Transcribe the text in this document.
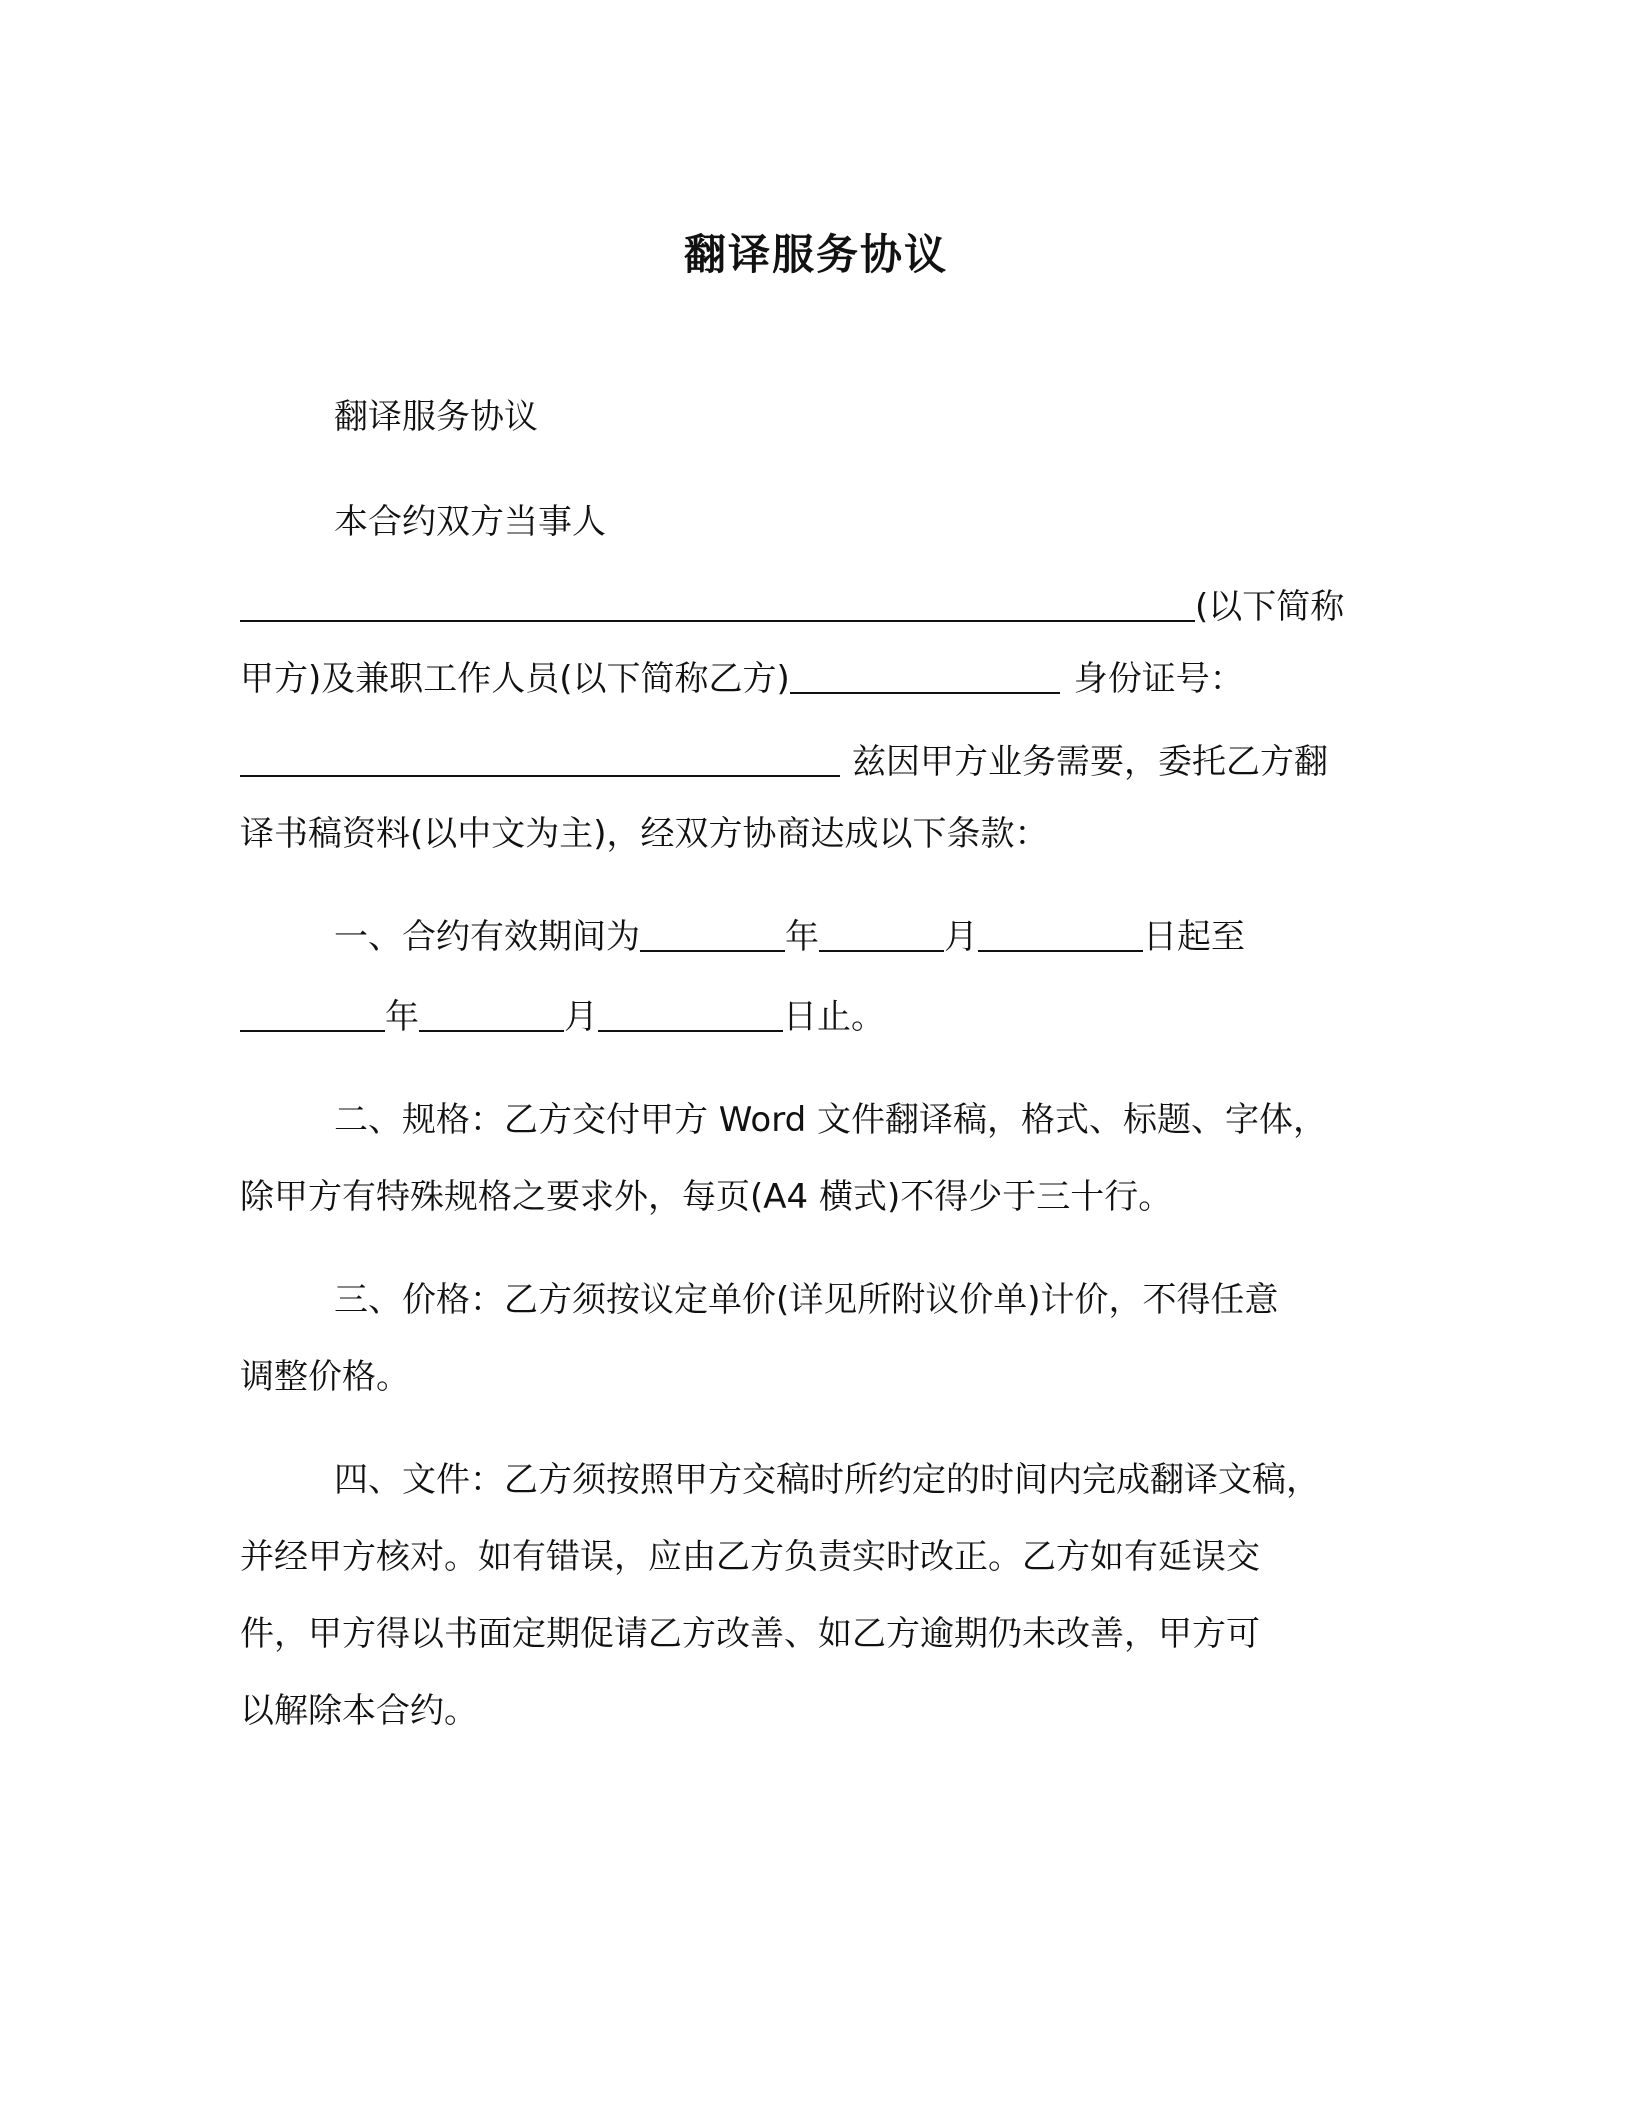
翻译服务协议
翻译服务协议
本合约双方当事人
(以下简称
甲方)及兼职工作人员(以下简称乙方)	身份证号：
兹因甲方业务需要，委托乙方翻
译书稿资料(以中文为主)，经双方协商达成以下条款：
一、合约有效期间为	年	月	日起至
年	月	日止。
二、规格：乙方交付甲方 Word 文件翻译稿，格式、标题、字体，
除甲方有特殊规格之要求外，每页(A4 横式)不得少于三十行。
三、价格：乙方须按议定单价(详见所附议价单)计价，不得任意
调整价格。
四、文件：乙方须按照甲方交稿时所约定的时间内完成翻译文稿，
并经甲方核对。如有错误，应由乙方负责实时改正。乙方如有延误交
件，甲方得以书面定期促请乙方改善、如乙方逾期仍未改善，甲方可
以解除本合约。
